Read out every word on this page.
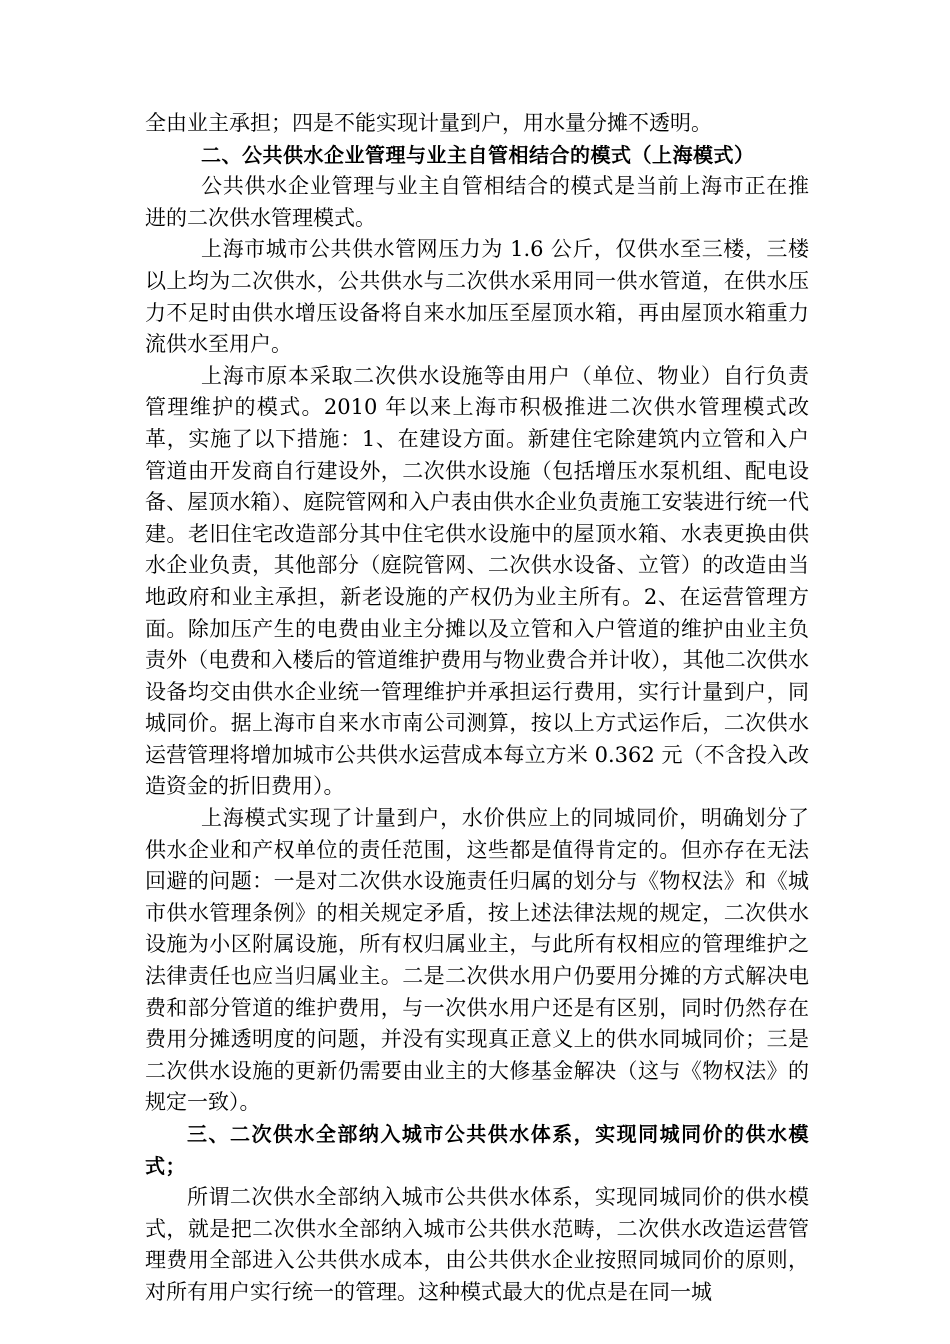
全由业主承担；四是不能实现计量到户，用水量分摊不透明。

二、公共供水企业管理与业主自管相结合的模式（上海模式）

公共供水企业管理与业主自管相结合的模式是当前上海市正在推进的二次供水管理模式。

上海市城市公共供水管网压力为 1.6 公斤，仅供水至三楼，三楼以上均为二次供水，公共供水与二次供水采用同一供水管道，在供水压力不足时由供水增压设备将自来水加压至屋顶水箱，再由屋顶水箱重力流供水至用户。

上海市原本采取二次供水设施等由用户（单位、物业）自行负责管理维护的模式。2010 年以来上海市积极推进二次供水管理模式改革，实施了以下措施：1、在建设方面。新建住宅除建筑内立管和入户管道由开发商自行建设外，二次供水设施（包括增压水泵机组、配电设备、屋顶水箱）、庭院管网和入户表由供水企业负责施工安装进行统一代建。老旧住宅改造部分其中住宅供水设施中的屋顶水箱、水表更换由供水企业负责，其他部分（庭院管网、二次供水设备、立管）的改造由当地政府和业主承担，新老设施的产权仍为业主所有。2、在运营管理方面。除加压产生的电费由业主分摊以及立管和入户管道的维护由业主负责外（电费和入楼后的管道维护费用与物业费合并计收），其他二次供水设备均交由供水企业统一管理维护并承担运行费用，实行计量到户，同城同价。据上海市自来水市南公司测算，按以上方式运作后，二次供水运营管理将增加城市公共供水运营成本每立方米 0.362 元（不含投入改造资金的折旧费用）。

上海模式实现了计量到户，水价供应上的同城同价，明确划分了供水企业和产权单位的责任范围，这些都是值得肯定的。但亦存在无法回避的问题：一是对二次供水设施责任归属的划分与《物权法》和《城市供水管理条例》的相关规定矛盾，按上述法律法规的规定，二次供水设施为小区附属设施，所有权归属业主，与此所有权相应的管理维护之法律责任也应当归属业主。二是二次供水用户仍要用分摊的方式解决电费和部分管道的维护费用，与一次供水用户还是有区别，同时仍然存在费用分摊透明度的问题，并没有实现真正意义上的供水同城同价；三是二次供水设施的更新仍需要由业主的大修基金解决（这与《物权法》的规定一致）。

三、二次供水全部纳入城市公共供水体系，实现同城同价的供水模式；

所谓二次供水全部纳入城市公共供水体系，实现同城同价的供水模式，就是把二次供水全部纳入城市公共供水范畴，二次供水改造运营管理费用全部进入公共供水成本，由公共供水企业按照同城同价的原则，对所有用户实行统一的管理。这种模式最大的优点是在同一城
